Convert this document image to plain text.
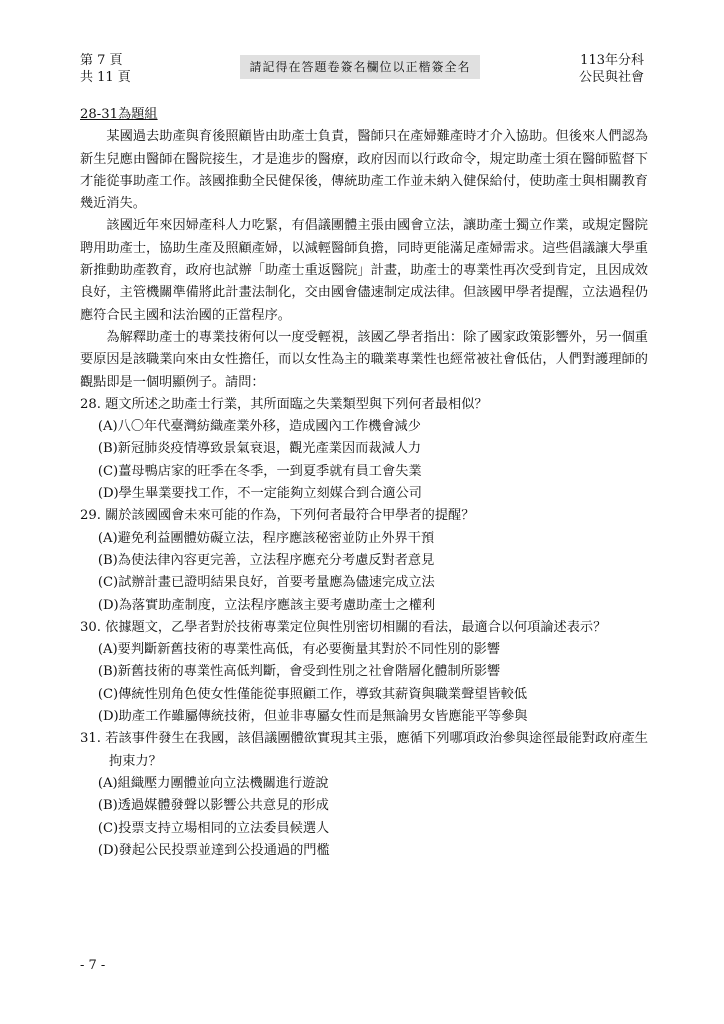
第 7 頁
共 11 頁
請記得在答題卷簽名欄位以正楷簽全名	113年分科
公民與社會
28-31為題組

某國過去助產與育後照顧皆由助產士負責，醫師只在產婦難產時才介入協助。但後來人們認為新生兒應由醫師在醫院接生，才是進步的醫療，政府因而以行政命令，規定助產士須在醫師監督下才能從事助產工作。該國推動全民健保後，傳統助產工作並未納入健保給付，使助產士與相關教育幾近消失。

該國近年來因婦產科人力吃緊，有倡議團體主張由國會立法，讓助產士獨立作業，或規定醫院聘用助產士，協助生產及照顧產婦，以減輕醫師負擔，同時更能滿足產婦需求。這些倡議讓大學重新推動助產教育，政府也試辦「助產士重返醫院」計畫，助產士的專業性再次受到肯定，且因成效良好，主管機關準備將此計畫法制化，交由國會儘速制定成法律。但該國甲學者提醒，立法過程仍應符合民主國和法治國的正當程序。

為解釋助產士的專業技術何以一度受輕視，該國乙學者指出：除了國家政策影響外，另一個重要原因是該職業向來由女性擔任，而以女性為主的職業專業性也經常被社會低估，人們對護理師的觀點即是一個明顯例子。請問：

28. 題文所述之助產士行業，其所面臨之失業類型與下列何者最相似？

(A)八〇年代臺灣紡織產業外移，造成國內工作機會減少

(B)新冠肺炎疫情導致景氣衰退，觀光產業因而裁減人力

(C)薑母鴨店家的旺季在冬季，一到夏季就有員工會失業

(D)學生畢業要找工作，不一定能夠立刻媒合到合適公司

29. 關於該國國會未來可能的作為，下列何者最符合甲學者的提醒？

(A)避免利益團體妨礙立法，程序應該秘密並防止外界干預

(B)為使法律內容更完善，立法程序應充分考慮反對者意見

(C)試辦計畫已證明結果良好，首要考量應為儘速完成立法

(D)為落實助產制度，立法程序應該主要考慮助產士之權利

30. 依據題文，乙學者對於技術專業定位與性別密切相關的看法，最適合以何項論述表示？

(A)要判斷新舊技術的專業性高低，有必要衡量其對於不同性別的影響

(B)新舊技術的專業性高低判斷，會受到性別之社會階層化體制所影響

(C)傳統性別角色使女性僅能從事照顧工作，導致其薪資與職業聲望皆較低

(D)助產工作雖屬傳統技術，但並非專屬女性而是無論男女皆應能平等參與

31. 若該事件發生在我國，該倡議團體欲實現其主張，應循下列哪項政治參與途徑最能對政府產生拘束力？

(A)組織壓力團體並向立法機關進行遊說

(B)透過媒體發聲以影響公共意見的形成

(C)投票支持立場相同的立法委員候選人

(D)發起公民投票並達到公投通過的門檻

- 7 -
